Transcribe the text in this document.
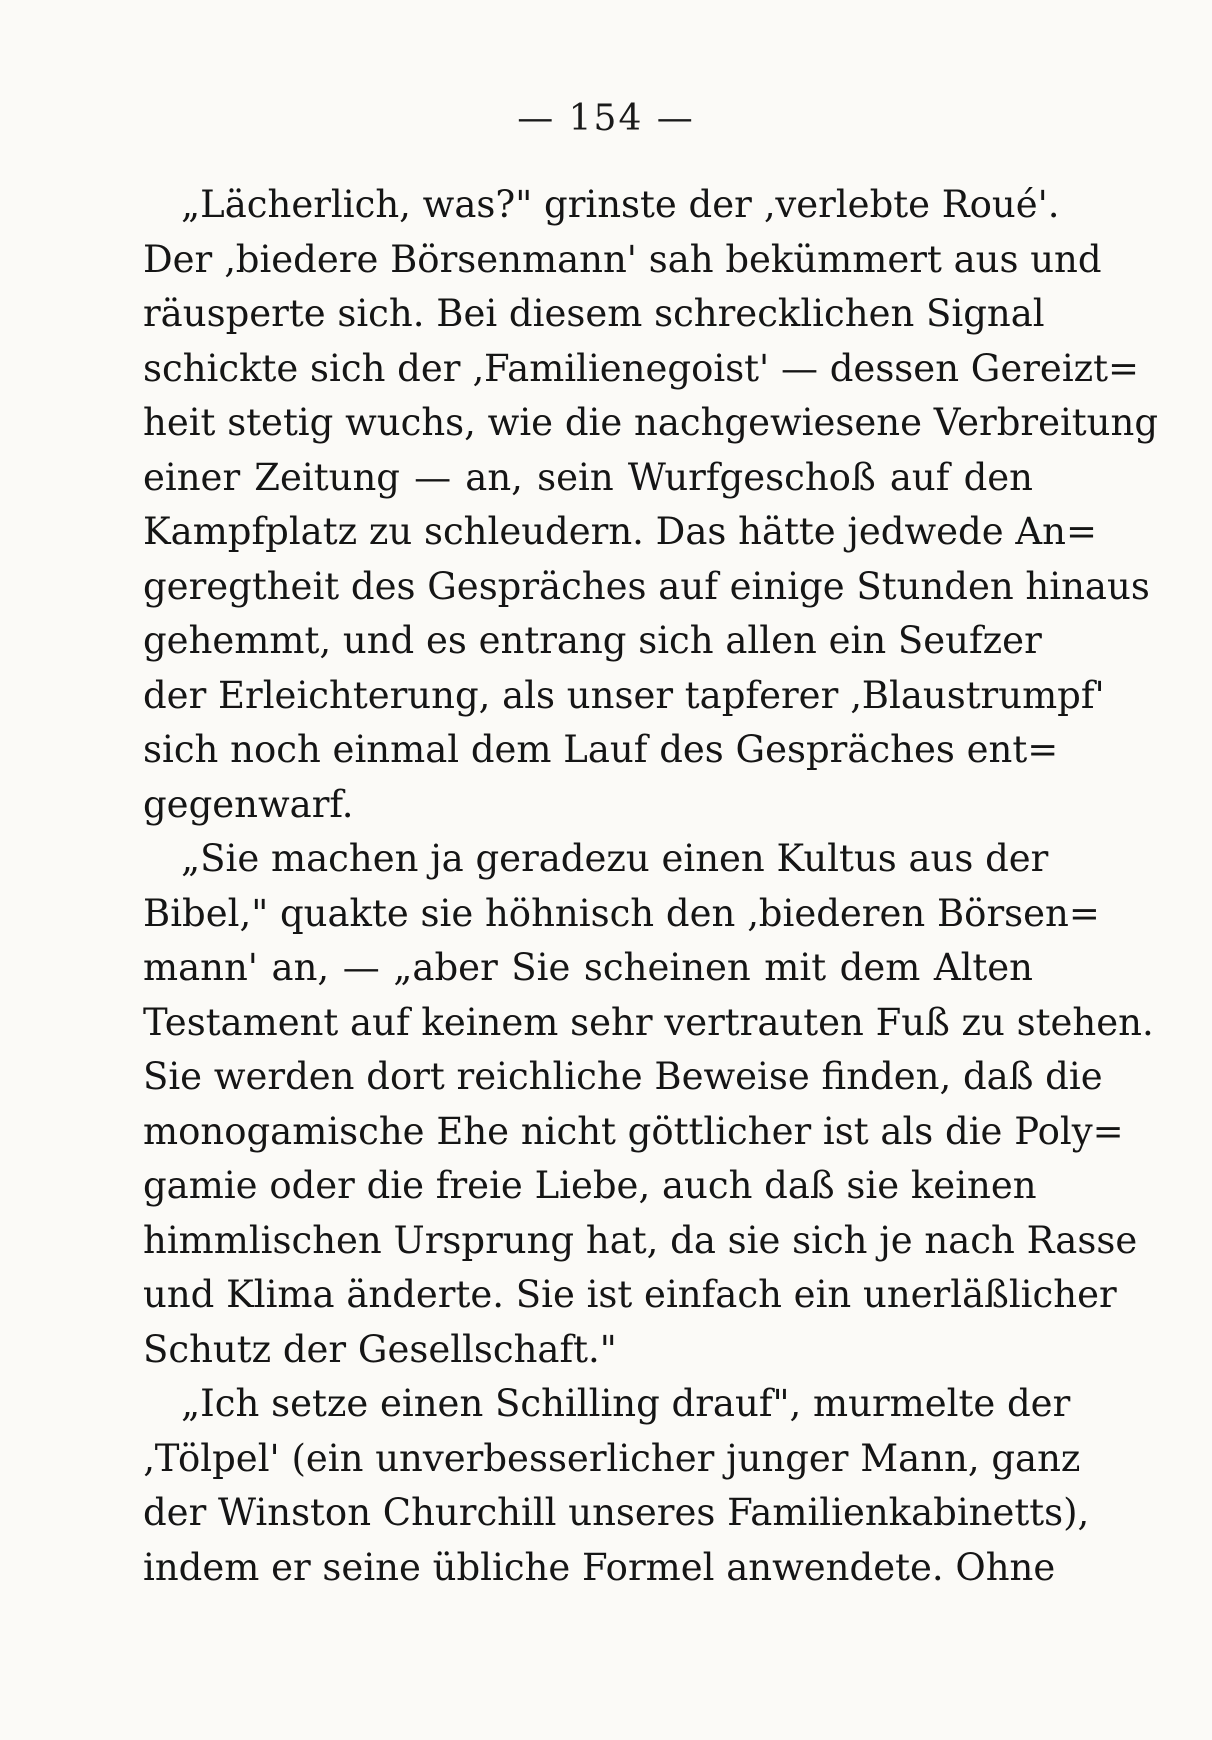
— 154 —
„Lächerlich, was?" grinste der ‚verlebte Roué'.
Der ‚biedere Börsenmann' sah bekümmert aus und
räusperte sich. Bei diesem schrecklichen Signal
schickte sich der ‚Familienegoist' — dessen Gereizt=
heit stetig wuchs, wie die nachgewiesene Verbreitung
einer Zeitung — an, sein Wurfgeschoß auf den
Kampfplatz zu schleudern. Das hätte jedwede An=
geregtheit des Gespräches auf einige Stunden hinaus
gehemmt, und es entrang sich allen ein Seufzer
der Erleichterung, als unser tapferer ‚Blaustrumpf'
sich noch einmal dem Lauf des Gespräches ent=
gegenwarf.
„Sie machen ja geradezu einen Kultus aus der
Bibel," quakte sie höhnisch den ‚biederen Börsen=
mann' an, — „aber Sie scheinen mit dem Alten
Testament auf keinem sehr vertrauten Fuß zu stehen.
Sie werden dort reichliche Beweise finden, daß die
monogamische Ehe nicht göttlicher ist als die Poly=
gamie oder die freie Liebe, auch daß sie keinen
himmlischen Ursprung hat, da sie sich je nach Rasse
und Klima änderte. Sie ist einfach ein unerläßlicher
Schutz der Gesellschaft."
„Ich setze einen Schilling drauf", murmelte der
‚Tölpel' (ein unverbesserlicher junger Mann, ganz
der Winston Churchill unseres Familienkabinetts),
indem er seine übliche Formel anwendete. Ohne
